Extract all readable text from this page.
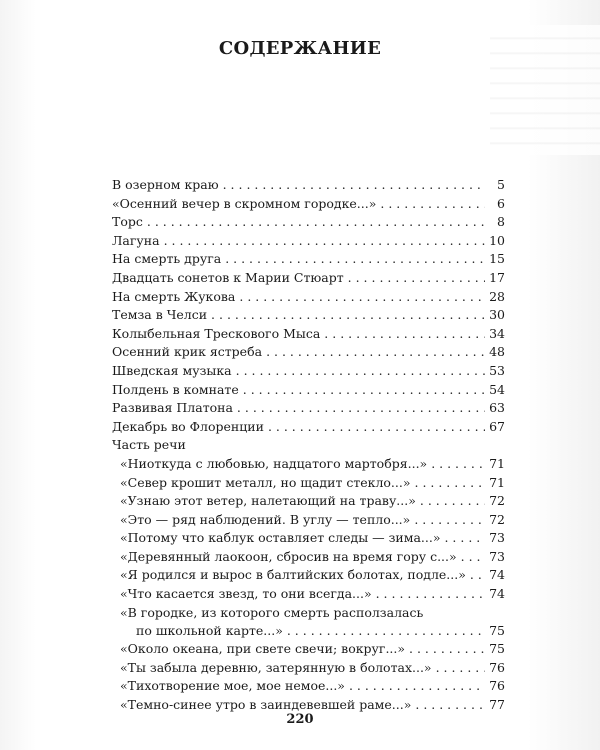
СОДЕРЖАНИЕ
В озерном краю . . .	5
«Осенний вечер в скромном городке...» . . .	6
Торс . . .	8
Лагуна . . .	10
На смерть друга . . .	15
Двадцать сонетов к Марии Стюарт . . .	17
На смерть Жукова . . .	28
Темза в Челси . . .	30
Колыбельная Трескового Мыса . . .	34
Осенний крик ястреба . . .	48
Шведская музыка . . .	53
Полдень в комнате . . .	54
Развивая Платона . . .	63
Декабрь во Флоренции . . .	67
Часть речи
«Ниоткуда с любовью, надцатого мартобря...» . . .	71
«Север крошит металл, но щадит стекло...» . . .	71
«Узнаю этот ветер, налетающий на траву...» . . .	72
«Это — ряд наблюдений. В углу — тепло...» . . .	72
«Потому что каблук оставляет следы — зима...» . . .	73
«Деревянный лаокоон, сбросив на время гору с...» . . .	73
«Я родился и вырос в балтийских болотах, подле...» . . . 74
«Что касается звезд, то они всегда...» . . .	74
«В городке, из которого смерть расползалась
по школьной карте...» . . .	75
«Около океана, при свете свечи; вокруг...» . . .	75
«Ты забыла деревню, затерянную в болотах...» . . .	76
«Тихотворение мое, мое немое...» . . .	76
«Темно-синее утро в заиндевевшей раме...» . . .	77
220
